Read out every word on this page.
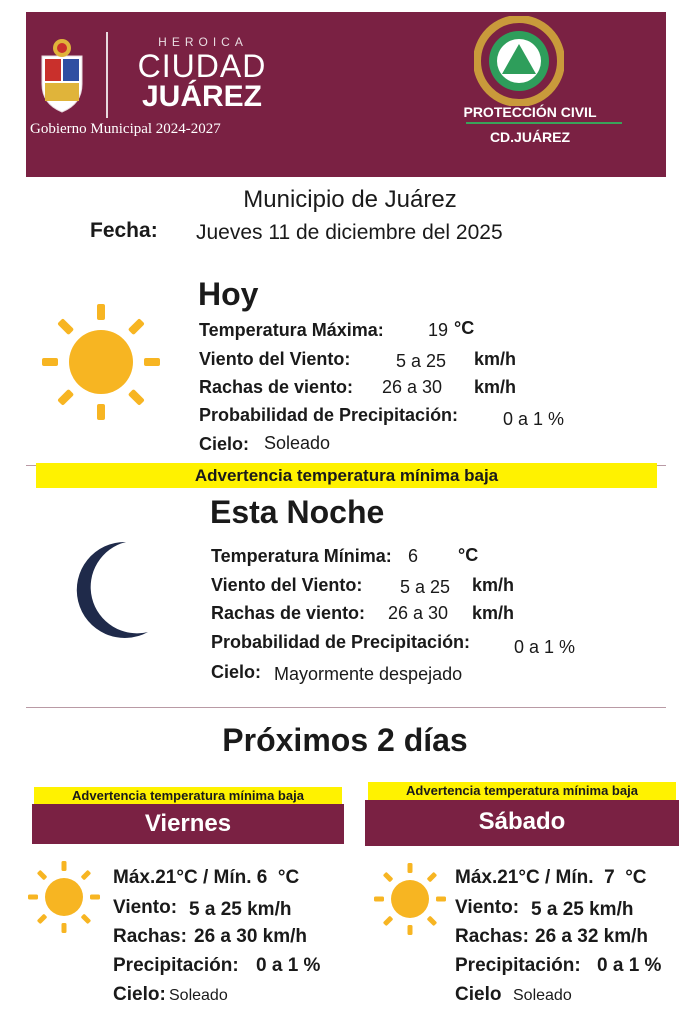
HEROICA
CIUDAD
JUÁREZ
Gobierno Municipal 2024-2027
PROTECCIÓN CIVIL
CD.JUÁREZ
Municipio de Juárez
Fecha: Jueves 11 de diciembre del 2025
Hoy
Temperatura Máxima: 19 °C
Viento del Viento:	5 a 25 km/h
Rachas de viento: 26 a 30 km/h
Probabilidad de Precipitación: 0 a 1 %
Cielo: Soleado
Advertencia temperatura mínima baja
Esta Noche
Temperatura Mínima: 6 °C
Viento del Viento: 5 a 25 km/h
Rachas de viento: 26 a 30 km/h
Probabilidad de Precipitación: 0 a 1 %
Cielo: Mayormente despejado
Próximos 2 días
Advertencia temperatura mínima baja
Viernes
Máx.21°C / Mín. 6  °C
Viento: 5 a 25 km/h
Rachas: 26 a 30 km/h
Precipitación: 0 a 1 %
Cielo: Soleado
Advertencia temperatura mínima baja
Sábado
Máx.21°C / Mín.  7  °C
Viento: 5 a 25 km/h
Rachas: 26 a 32 km/h
Precipitación: 0 a 1 %
Cielo Soleado
